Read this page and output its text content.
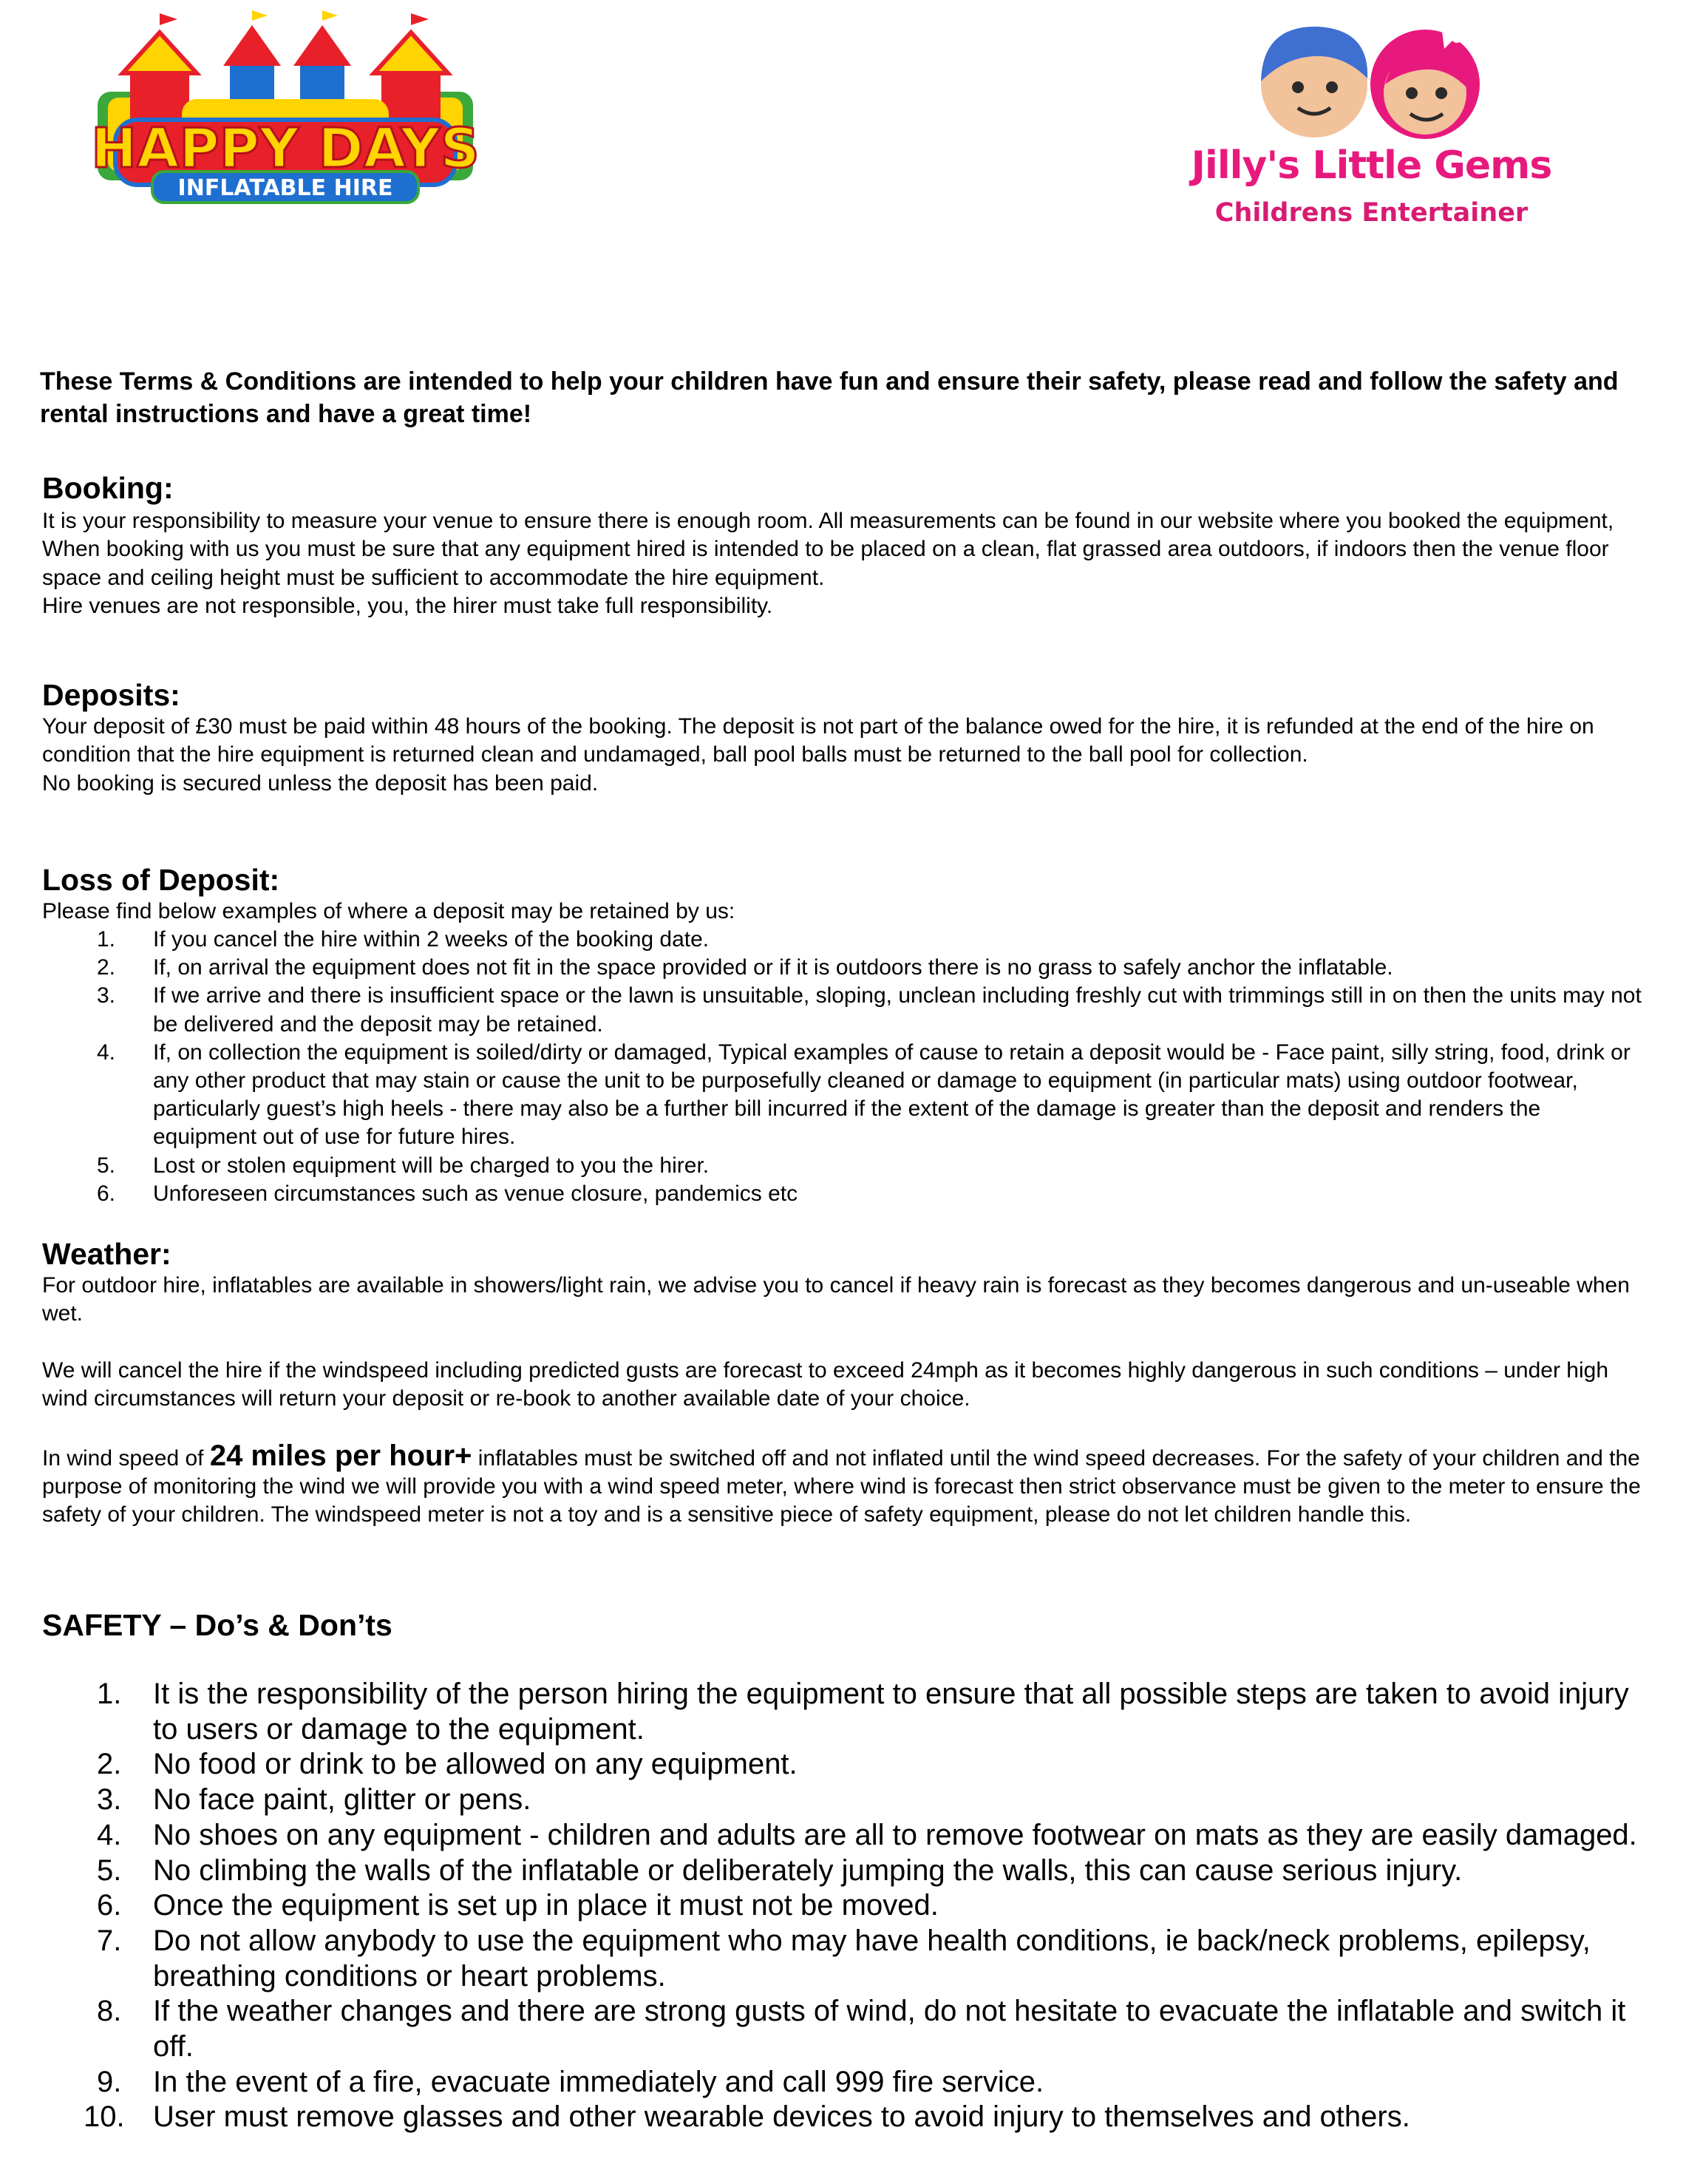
HAPPY DAYS
INFLATABLE HIRE
Jilly's Little Gems
Childrens Entertainer

These Terms & Conditions are intended to help your children have fun and ensure their safety, please read and follow the safety and rental instructions and have a great time!

Booking:

It is your responsibility to measure your venue to ensure there is enough room. All measurements can be found in our website where you booked the equipment, When booking with us you must be sure that any equipment hired is intended to be placed on a clean, flat grassed area outdoors, if indoors then the venue floor space and ceiling height must be sufficient to accommodate the hire equipment.

Hire venues are not responsible, you, the hirer must take full responsibility.

Deposits:

Your deposit of £30 must be paid within 48 hours of the booking. The deposit is not part of the balance owed for the hire, it is refunded at the end of the hire on condition that the hire equipment is returned clean and undamaged, ball pool balls must be returned to the ball pool for collection.

No booking is secured unless the deposit has been paid.

Loss of Deposit:
Please find below examples of where a deposit may be retained by us:
1. If you cancel the hire within 2 weeks of the booking date.
2. If, on arrival the equipment does not fit in the space provided or if it is outdoors there is no grass to safely anchor the inflatable.
3. If we arrive and there is insufficient space or the lawn is unsuitable, sloping, unclean including freshly cut with trimmings still in on then the units may not be delivered and the deposit may be retained.
4. If, on collection the equipment is soiled/dirty or damaged, Typical examples of cause to retain a deposit would be - Face paint, silly string, food, drink or any other product that may stain or cause the unit to be purposefully cleaned or damage to equipment (in particular mats) using outdoor footwear, particularly guest’s high heels - there may also be a further bill incurred if the extent of the damage is greater than the deposit and renders the equipment out of use for future hires.
5. Lost or stolen equipment will be charged to you the hirer.
6. Unforeseen circumstances such as venue closure, pandemics etc
Weather:

For outdoor hire, inflatables are available in showers/light rain, we advise you to cancel if heavy rain is forecast as they becomes dangerous and un-useable when wet.

We will cancel the hire if the windspeed including predicted gusts are forecast to exceed 24mph as it becomes highly dangerous in such conditions – under high wind circumstances will return your deposit or re-book to another available date of your choice.

In wind speed of 24 miles per hour+ inflatables must be switched off and not inflated until the wind speed decreases. For the safety of your children and the purpose of monitoring the wind we will provide you with a wind speed meter, where wind is forecast then strict observance must be given to the meter to ensure the safety of your children. The windspeed meter is not a toy and is a sensitive piece of safety equipment, please do not let children handle this.

SAFETY – Do’s & Don’ts
1. It is the responsibility of the person hiring the equipment to ensure that all possible steps are taken to avoid injury to users or damage to the equipment.
2. No food or drink to be allowed on any equipment.
3. No face paint, glitter or pens.
4. No shoes on any equipment - children and adults are all to remove footwear on mats as they are easily damaged.
5. No climbing the walls of the inflatable or deliberately jumping the walls, this can cause serious injury.
6. Once the equipment is set up in place it must not be moved.
7. Do not allow anybody to use the equipment who may have health conditions, ie back/neck problems, epilepsy, breathing conditions or heart problems.
8. If the weather changes and there are strong gusts of wind, do not hesitate to evacuate the inflatable and switch it off.
9. In the event of a fire, evacuate immediately and call 999 fire service.
10. User must remove glasses and other wearable devices to avoid injury to themselves and others.
